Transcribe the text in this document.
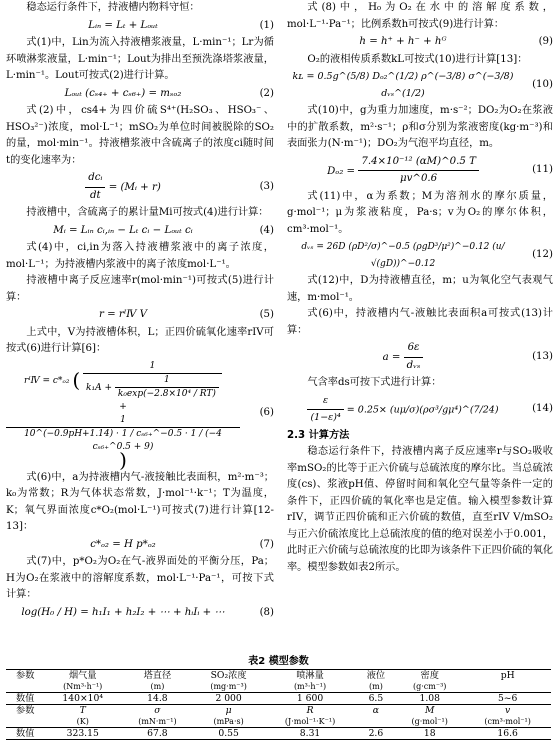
稳态运行条件下，持液槽内物料守恒：

Lᵢₙ = Lₜ + Lₒᵤₜ	(1)

式(1)中，Lin为流入持液槽浆液量，L·min⁻¹；Lr为循环喷淋浆液量，L·min⁻¹；Lout为排出至预洗涤塔浆液量，L·min⁻¹。Lout可按式(2)进行计算。

Lₒᵤₜ (cₛ₄₊ + cₛ₆₊) = mₛₒ₂	(2)

式(2)中，cs4+为四价硫S⁴⁺(H₂SO₃、HSO₃⁻、HSO₃²⁻)浓度，mol·L⁻¹；mSO₂为单位时间被脱除的SO₂的量，mol·min⁻¹。持液槽浆液中含硫离子的浓度ci随时间t的变化速率为：

$\frac{\text{dcᵢ}}{dt}$ = (Mᵢ + r)	(3)

持液槽中，含硫离子的累计量Mi可按式(4)进行计算：

Mᵢ = Lᵢₙ cᵢ,ᵢₙ − Lₜ cᵢ − Lₒᵤₜ cᵢ	(4)

式(4)中，ci,in为落入持液槽浆液中的离子浓度，mol·L⁻¹；为持液槽内浆液中的离子浓度mol·L⁻¹。

持液槽中离子反应速率r(mol·min⁻¹)可按式(5)进行计算：

r = rᴵⅣ V	(5)

上式中，V为持液槽体积，L；正四价硫氧化速率rIV可按式(6)进行计算[6]：

rᴵⅣ = c*ₒ₂ ( $\frac{1}{k_1A + \frac{1}{\text{k₀exp(−2.8×10⁴ / RT)}}}$

+
$\frac{1}{\text{10\textasciicircum{}(−0.9pH+1.14) · 1 / cₛ₆₊\textasciicircum{}−0.5 · 1 / (−4 cₛ₆₊\textasciicircum{}0.5 + 9)}}$
)
(6)

式(6)中，a为持液槽内气-液接触比表面积，m²·m⁻³；k₀为常数；R为气体状态常数，J·mol⁻¹·k⁻¹；T为温度，K；氧气界面浓度c*O₂(mol·L⁻¹)可按式(7)进行计算[12-13]：

c*ₒ₂ = H p*ₒ₂	(7)

式(7)中，p*O₂为O₂在气-液界面处的平衡分压，Pa；H为O₂在浆液中的溶解度系数，mol·L⁻¹·Pa⁻¹，可按下式计算：

log(H₀ / H) = h₁I₁ + h₂I₂ + ⋯ + hᵢIᵢ + ⋯	(8)

式(8)中，H₀为O₂在水中的溶解度系数，mol·L⁻¹·Pa⁻¹；比例系数h可按式(9)进行计算：

h = h⁺ + h⁻ + hᴳ	(9)

O₂的液相传质系数kL可按式(10)进行计算[13]：

kʟ = 0.5g^(5/8) Dₒ₂^(1/2) ρ^(−3/8) σ^(−3/8) dᵥₛ^(1/2)
(10)

式(10)中，g为重力加速度，m·s⁻²；DO₂为O₂在浆液中的扩散系数，m²·s⁻¹；ρ和σ分别为浆液密度(kg·m⁻³)和表面张力(N·m⁻¹)；DO₂为气泡平均直径，m。

$D_{o2} = \frac{\text{7.4×10⁻¹² (αM)\textasciicircum{}0.5 T}}{\mu v\^{}0.6}$	(11)

式(11)中，α为系数；M为溶剂水的摩尔质量，g·mol⁻¹；μ为浆液粘度，Pa·s；v为O₂的摩尔体积，cm³·mol⁻¹。

dᵥₛ = 26D (ρD²/σ)^−0.5 (ρgD³/μ²)^−0.12 (u/√(gD))^−0.12
(12)

式(12)中，D为持液槽直径，m；u为氧化空气表观气速，m·mol⁻¹。

式(6)中，持液槽内气-液触比表面积a可按式(13)计算：

$a = \frac{6\varepsilon}{\text{dᵥₛ}}$	(13)

气含率ds可按下式进行计算：

$\frac{\varepsilon}{\text{(1−ε)⁴}} = 0.25\times$ (uμ/σ)(ρσ³/gμ⁴)^(7/24)	(14)

2.3 计算方法

稳态运行条件下，持液槽内离子反应速率r与SO₂吸收率mSO₂的比等于正六价硫与总硫浓度的摩尔比。当总硫浓度(cs)、浆液pH值、停留时间和氧化空气量等条件一定的条件下，正四价硫的氧化率也是定值。输入模型参数计算rIV，调节正四价硫和正六价硫的数值，直至rIV V/mSO₂与正六价硫浓度比上总硫浓度的值的绝对误差小于0.001，此时正六价硫与总硫浓度的比即为该条件下正四价硫的氧化率。模型参数如表2所示。

表2 模型参数
参数	烟气量	塔直径	SO₂浓度	喷淋量	液位	密度	pH
	(Nm³·h⁻¹)	(m)	(mg·m⁻³)	(m³·h⁻¹)	(m)	(g·cm⁻³)	
数值	140×10⁴	14.8	2 000	1 600	6.5	1.08	5~6
参数	T	σ	μ	R	α	M	v
	(K)	(mN·m⁻¹)	(mPa·s)	(J·mol⁻¹·K⁻¹)		(g·mol⁻¹)	(cm³·mol⁻¹)
数值	323.15	67.8	0.55	8.31	2.6	18	16.6
